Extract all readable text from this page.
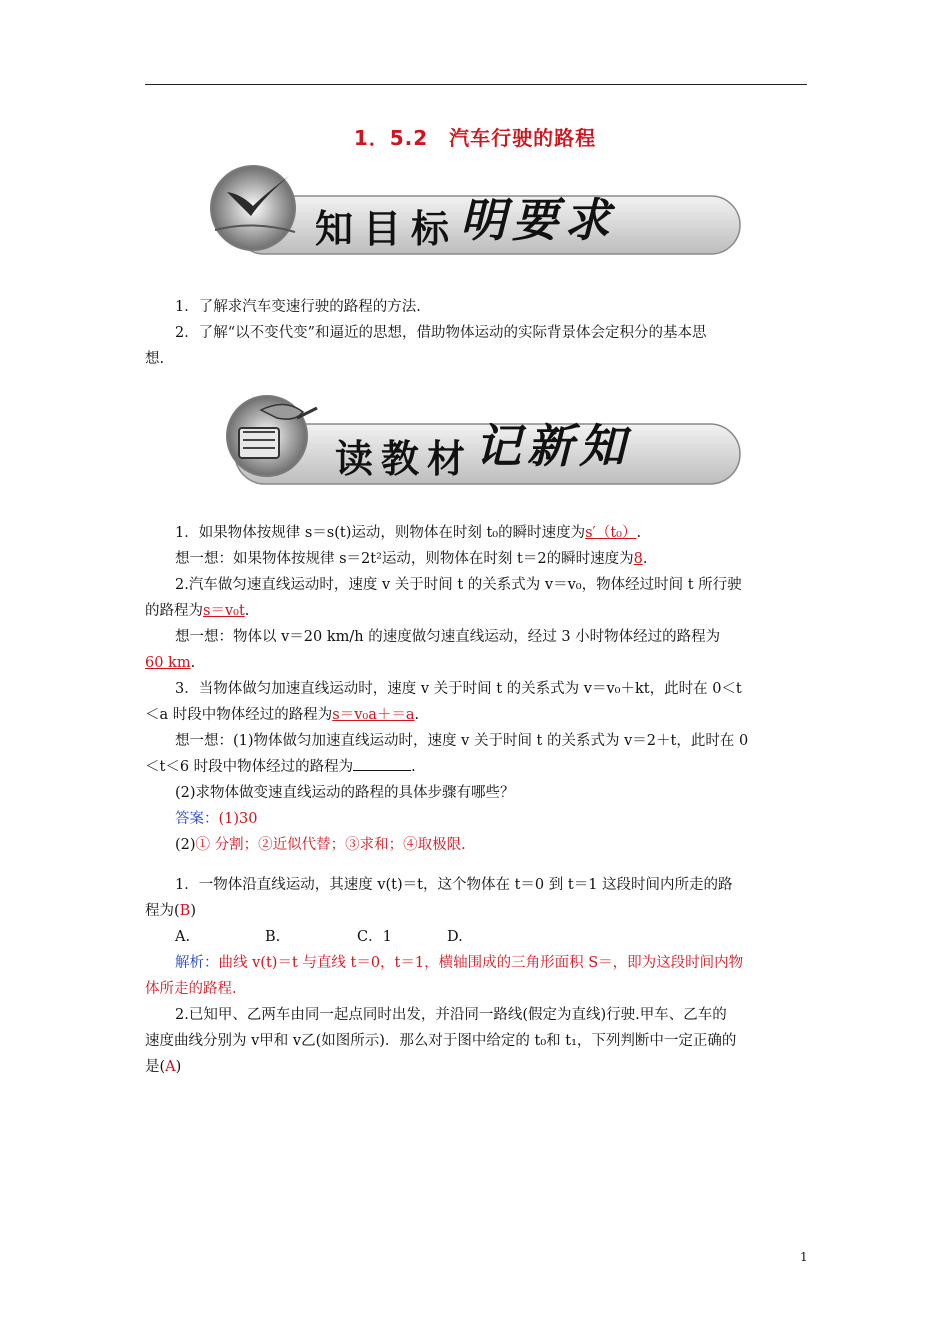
1．5.2　汽车行驶的路程
知目标 明要求
1．了解求汽车变速行驶的路程的方法.
2．了解“以不变代变”和逼近的思想，借助物体运动的实际背景体会定积分的基本思
想.
读教材 记新知
1．如果物体按规律 s＝s(t)运动，则物体在时刻 t₀的瞬时速度为s′（t₀）.
想一想：如果物体按规律 s＝2t²运动，则物体在时刻 t＝2的瞬时速度为8.
2.汽车做匀速直线运动时，速度 v 关于时间 t 的关系式为 v＝v₀，物体经过时间 t 所行驶
的路程为s＝v₀t.
想一想：物体以 v＝20 km/h 的速度做匀速直线运动，经过 3 小时物体经过的路程为
60 km.
3．当物体做匀加速直线运动时，速度 v 关于时间 t 的关系式为 v＝v₀＋kt，此时在 0＜t
＜a 时段中物体经过的路程为s＝v₀a＋＝a.
想一想：(1)物体做匀加速直线运动时，速度 v 关于时间 t 的关系式为 v＝2＋t，此时在 0
＜t＜6 时段中物体经过的路程为	.
(2)求物体做变速直线运动的路程的具体步骤有哪些？
答案：(1)30
(2)① 分割；②近似代替；③求和；④取极限.
1．一物体沿直线运动，其速度 v(t)＝t，这个物体在 t＝0 到 t＝1 这段时间内所走的路
程为(B)
A.	B.	C．1	D.
解析：曲线 v(t)＝t 与直线 t＝0，t＝1，横轴围成的三角形面积 S＝，即为这段时间内物
体所走的路程.
2.已知甲、乙两车由同一起点同时出发，并沿同一路线(假定为直线)行驶.甲车、乙车的
速度曲线分别为 v甲和 v乙(如图所示)．那么对于图中给定的 t₀和 t₁，下列判断中一定正确的
是(A)
1
